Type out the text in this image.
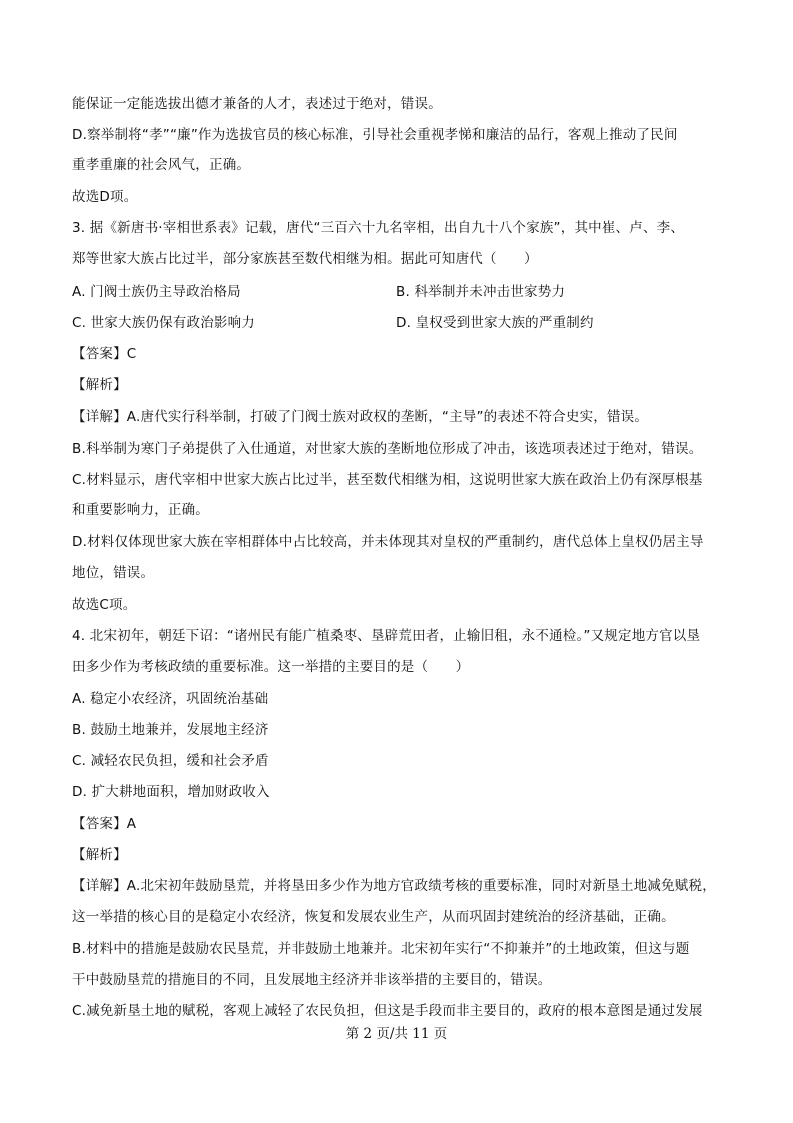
能保证一定能选拔出德才兼备的人才，表述过于绝对，错误。
D.察举制将“孝”“廉”作为选拔官员的核心标准，引导社会重视孝悌和廉洁的品行，客观上推动了民间
重孝重廉的社会风气，正确。
故选D项。
3. 据《新唐书·宰相世系表》记载，唐代“三百六十九名宰相，出自九十八个家族”，其中崔、卢、李、
郑等世家大族占比过半，部分家族甚至数代相继为相。据此可知唐代（　　）
A. 门阀士族仍主导政治格局	B. 科举制并未冲击世家势力
C. 世家大族仍保有政治影响力	D. 皇权受到世家大族的严重制约
【答案】C
【解析】
【详解】A.唐代实行科举制，打破了门阀士族对政权的垄断，“主导”的表述不符合史实，错误。
B.科举制为寒门子弟提供了入仕通道，对世家大族的垄断地位形成了冲击，该选项表述过于绝对，错误。
C.材料显示，唐代宰相中世家大族占比过半，甚至数代相继为相，这说明世家大族在政治上仍有深厚根基
和重要影响力，正确。
D.材料仅体现世家大族在宰相群体中占比较高，并未体现其对皇权的严重制约，唐代总体上皇权仍居主导
地位，错误。
故选C项。
4. 北宋初年，朝廷下诏：“诸州民有能广植桑枣、垦辟荒田者，止输旧租，永不通检。”又规定地方官以垦
田多少作为考核政绩的重要标准。这一举措的主要目的是（　　）
A. 稳定小农经济，巩固统治基础
B. 鼓励土地兼并，发展地主经济
C. 减轻农民负担，缓和社会矛盾
D. 扩大耕地面积，增加财政收入
【答案】A
【解析】
【详解】A.北宋初年鼓励垦荒，并将垦田多少作为地方官政绩考核的重要标准，同时对新垦土地减免赋税，
这一举措的核心目的是稳定小农经济，恢复和发展农业生产，从而巩固封建统治的经济基础，正确。
B.材料中的措施是鼓励农民垦荒，并非鼓励土地兼并。北宋初年实行“不抑兼并”的土地政策，但这与题
干中鼓励垦荒的措施目的不同，且发展地主经济并非该举措的主要目的，错误。
C.减免新垦土地的赋税，客观上减轻了农民负担，但这是手段而非主要目的，政府的根本意图是通过发展
第 2 页/共 11 页
